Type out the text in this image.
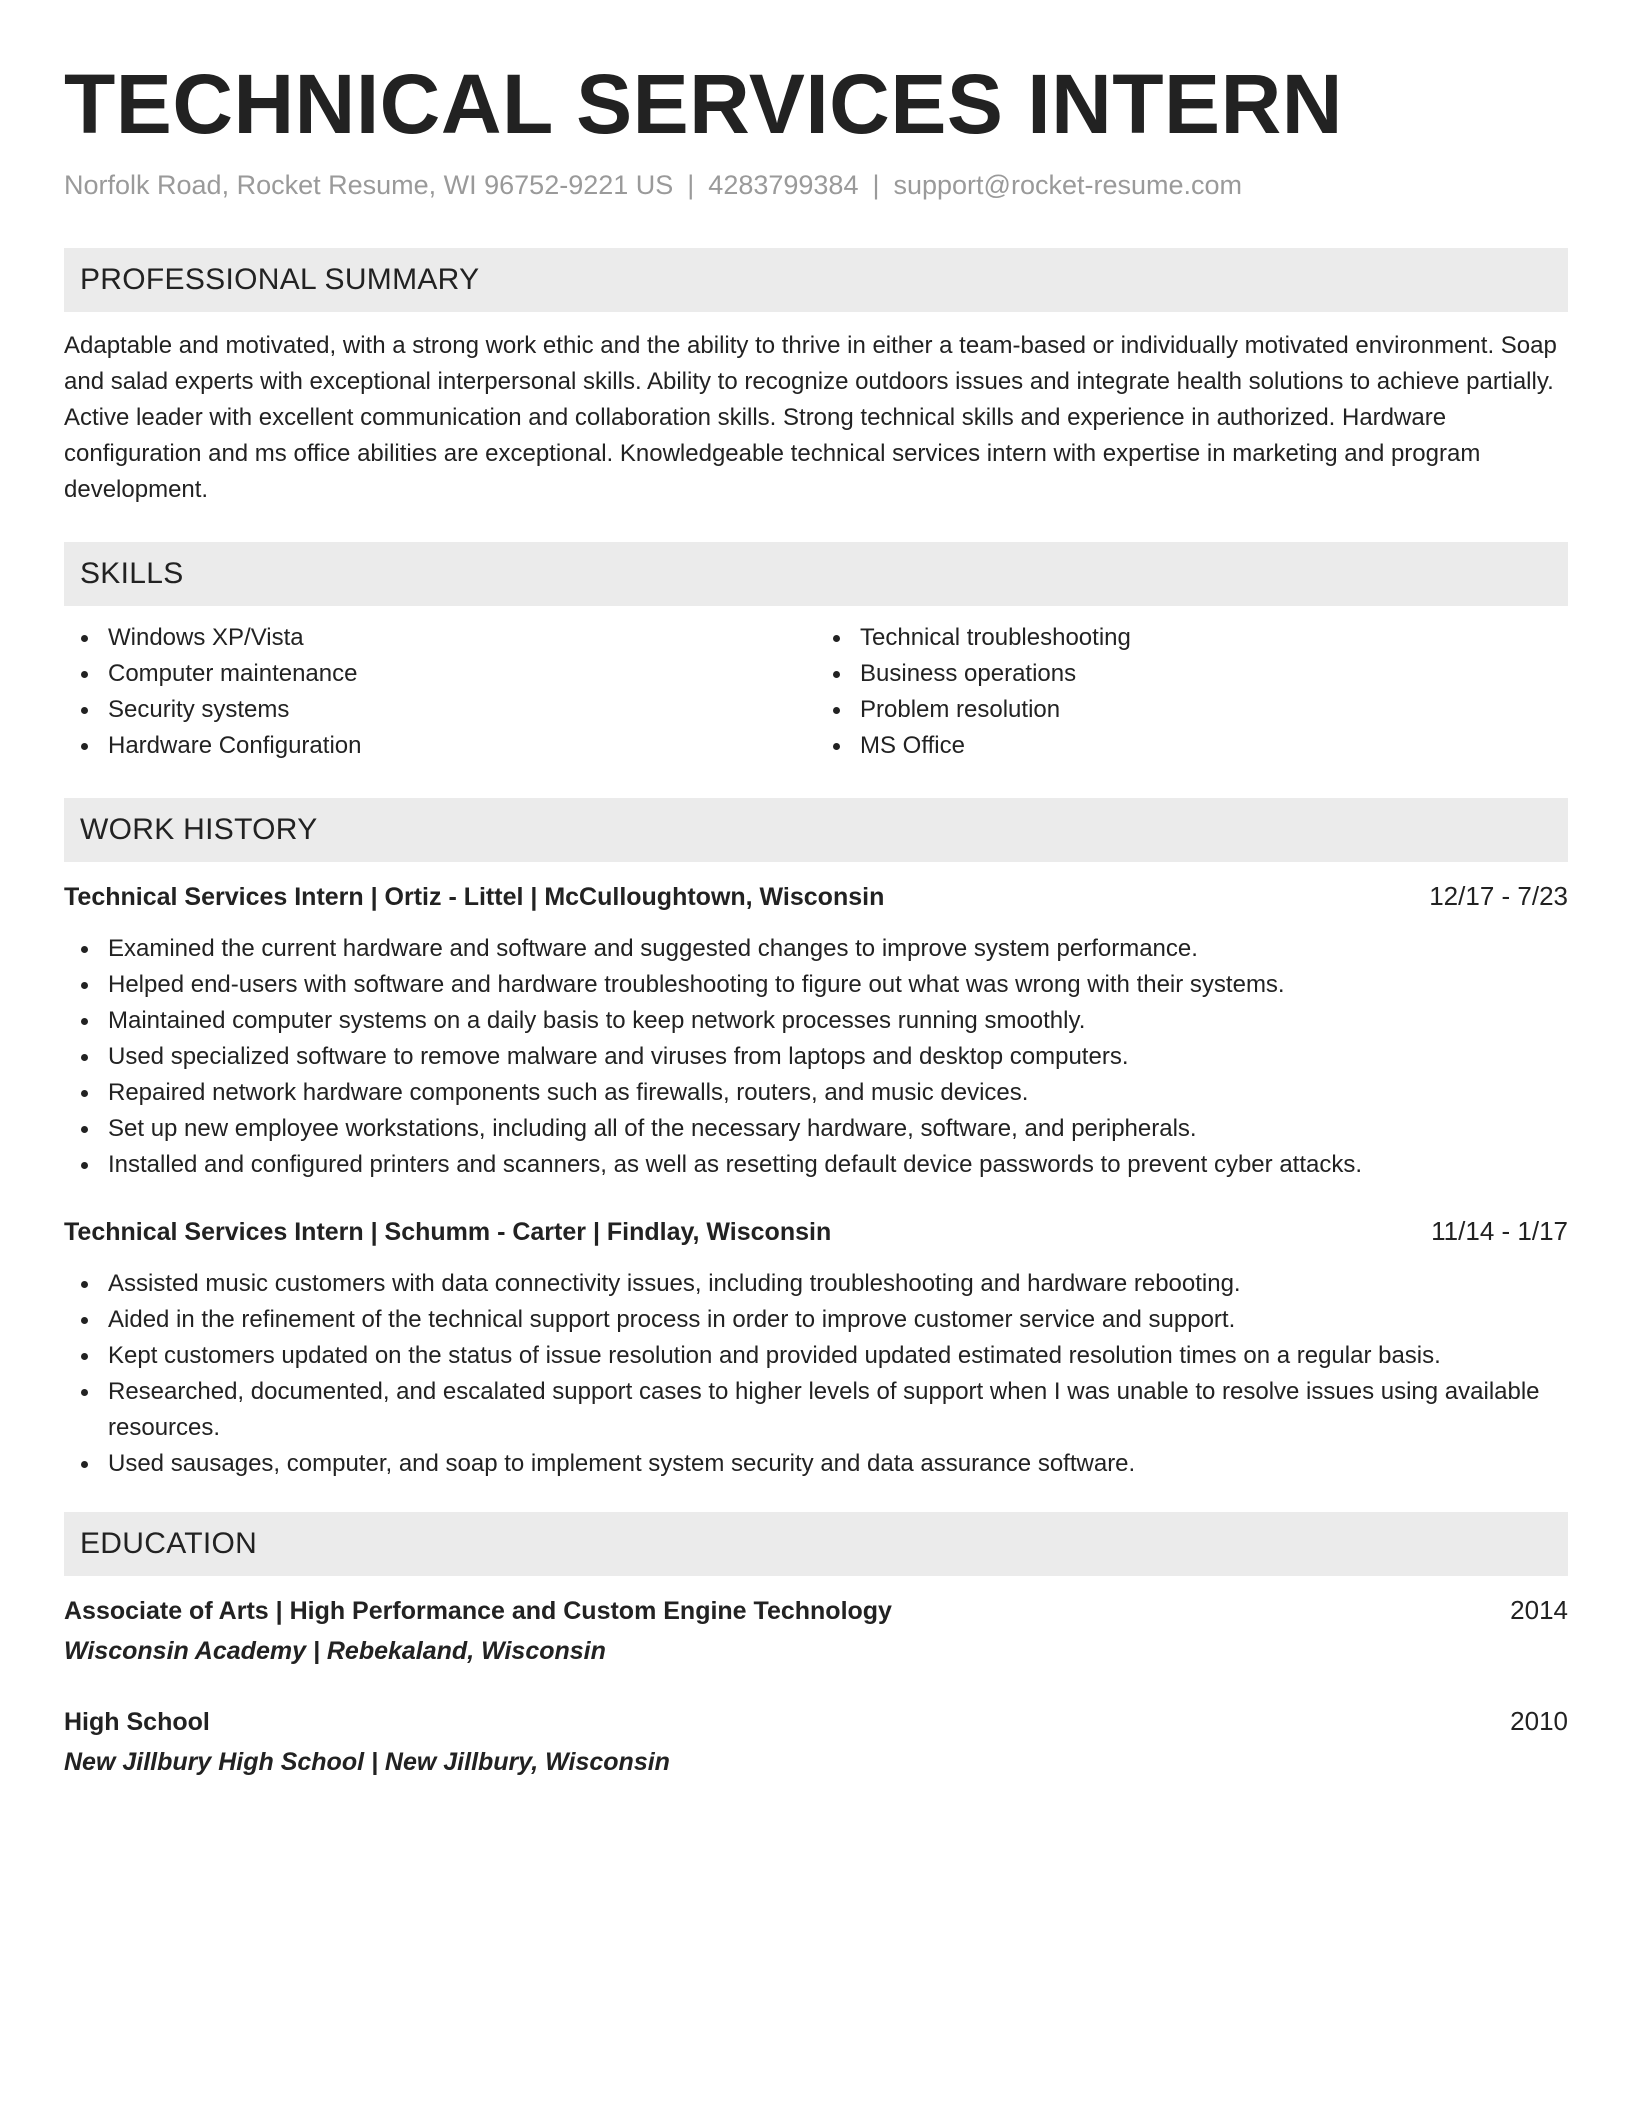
TECHNICAL SERVICES INTERN
Norfolk Road, Rocket Resume, WI 96752-9221 US | 4283799384 | support@rocket-resume.com
PROFESSIONAL SUMMARY

Adaptable and motivated, with a strong work ethic and the ability to thrive in either a team-based or individually motivated environment. Soap and salad experts with exceptional interpersonal skills. Ability to recognize outdoors issues and integrate health solutions to achieve partially. Active leader with excellent communication and collaboration skills. Strong technical skills and experience in authorized. Hardware configuration and ms office abilities are exceptional. Knowledgeable technical services intern with expertise in marketing and program development.

SKILLS
Windows XP/Vista
Computer maintenance
Security systems
Hardware Configuration
Technical troubleshooting
Business operations
Problem resolution
MS Office
WORK HISTORY
Technical Services Intern | Ortiz - Littel | McCulloughtown, Wisconsin	12/17 - 7/23
Examined the current hardware and software and suggested changes to improve system performance.
Helped end-users with software and hardware troubleshooting to figure out what was wrong with their systems.
Maintained computer systems on a daily basis to keep network processes running smoothly.
Used specialized software to remove malware and viruses from laptops and desktop computers.
Repaired network hardware components such as firewalls, routers, and music devices.
Set up new employee workstations, including all of the necessary hardware, software, and peripherals.
Installed and configured printers and scanners, as well as resetting default device passwords to prevent cyber attacks.
Technical Services Intern | Schumm - Carter | Findlay, Wisconsin	11/14 - 1/17
Assisted music customers with data connectivity issues, including troubleshooting and hardware rebooting.
Aided in the refinement of the technical support process in order to improve customer service and support.
Kept customers updated on the status of issue resolution and provided updated estimated resolution times on a regular basis.
Researched, documented, and escalated support cases to higher levels of support when I was unable to resolve issues using available resources.
Used sausages, computer, and soap to implement system security and data assurance software.
EDUCATION
Associate of Arts | High Performance and Custom Engine Technology	2014
Wisconsin Academy | Rebekaland, Wisconsin
High School	2010
New Jillbury High School | New Jillbury, Wisconsin
